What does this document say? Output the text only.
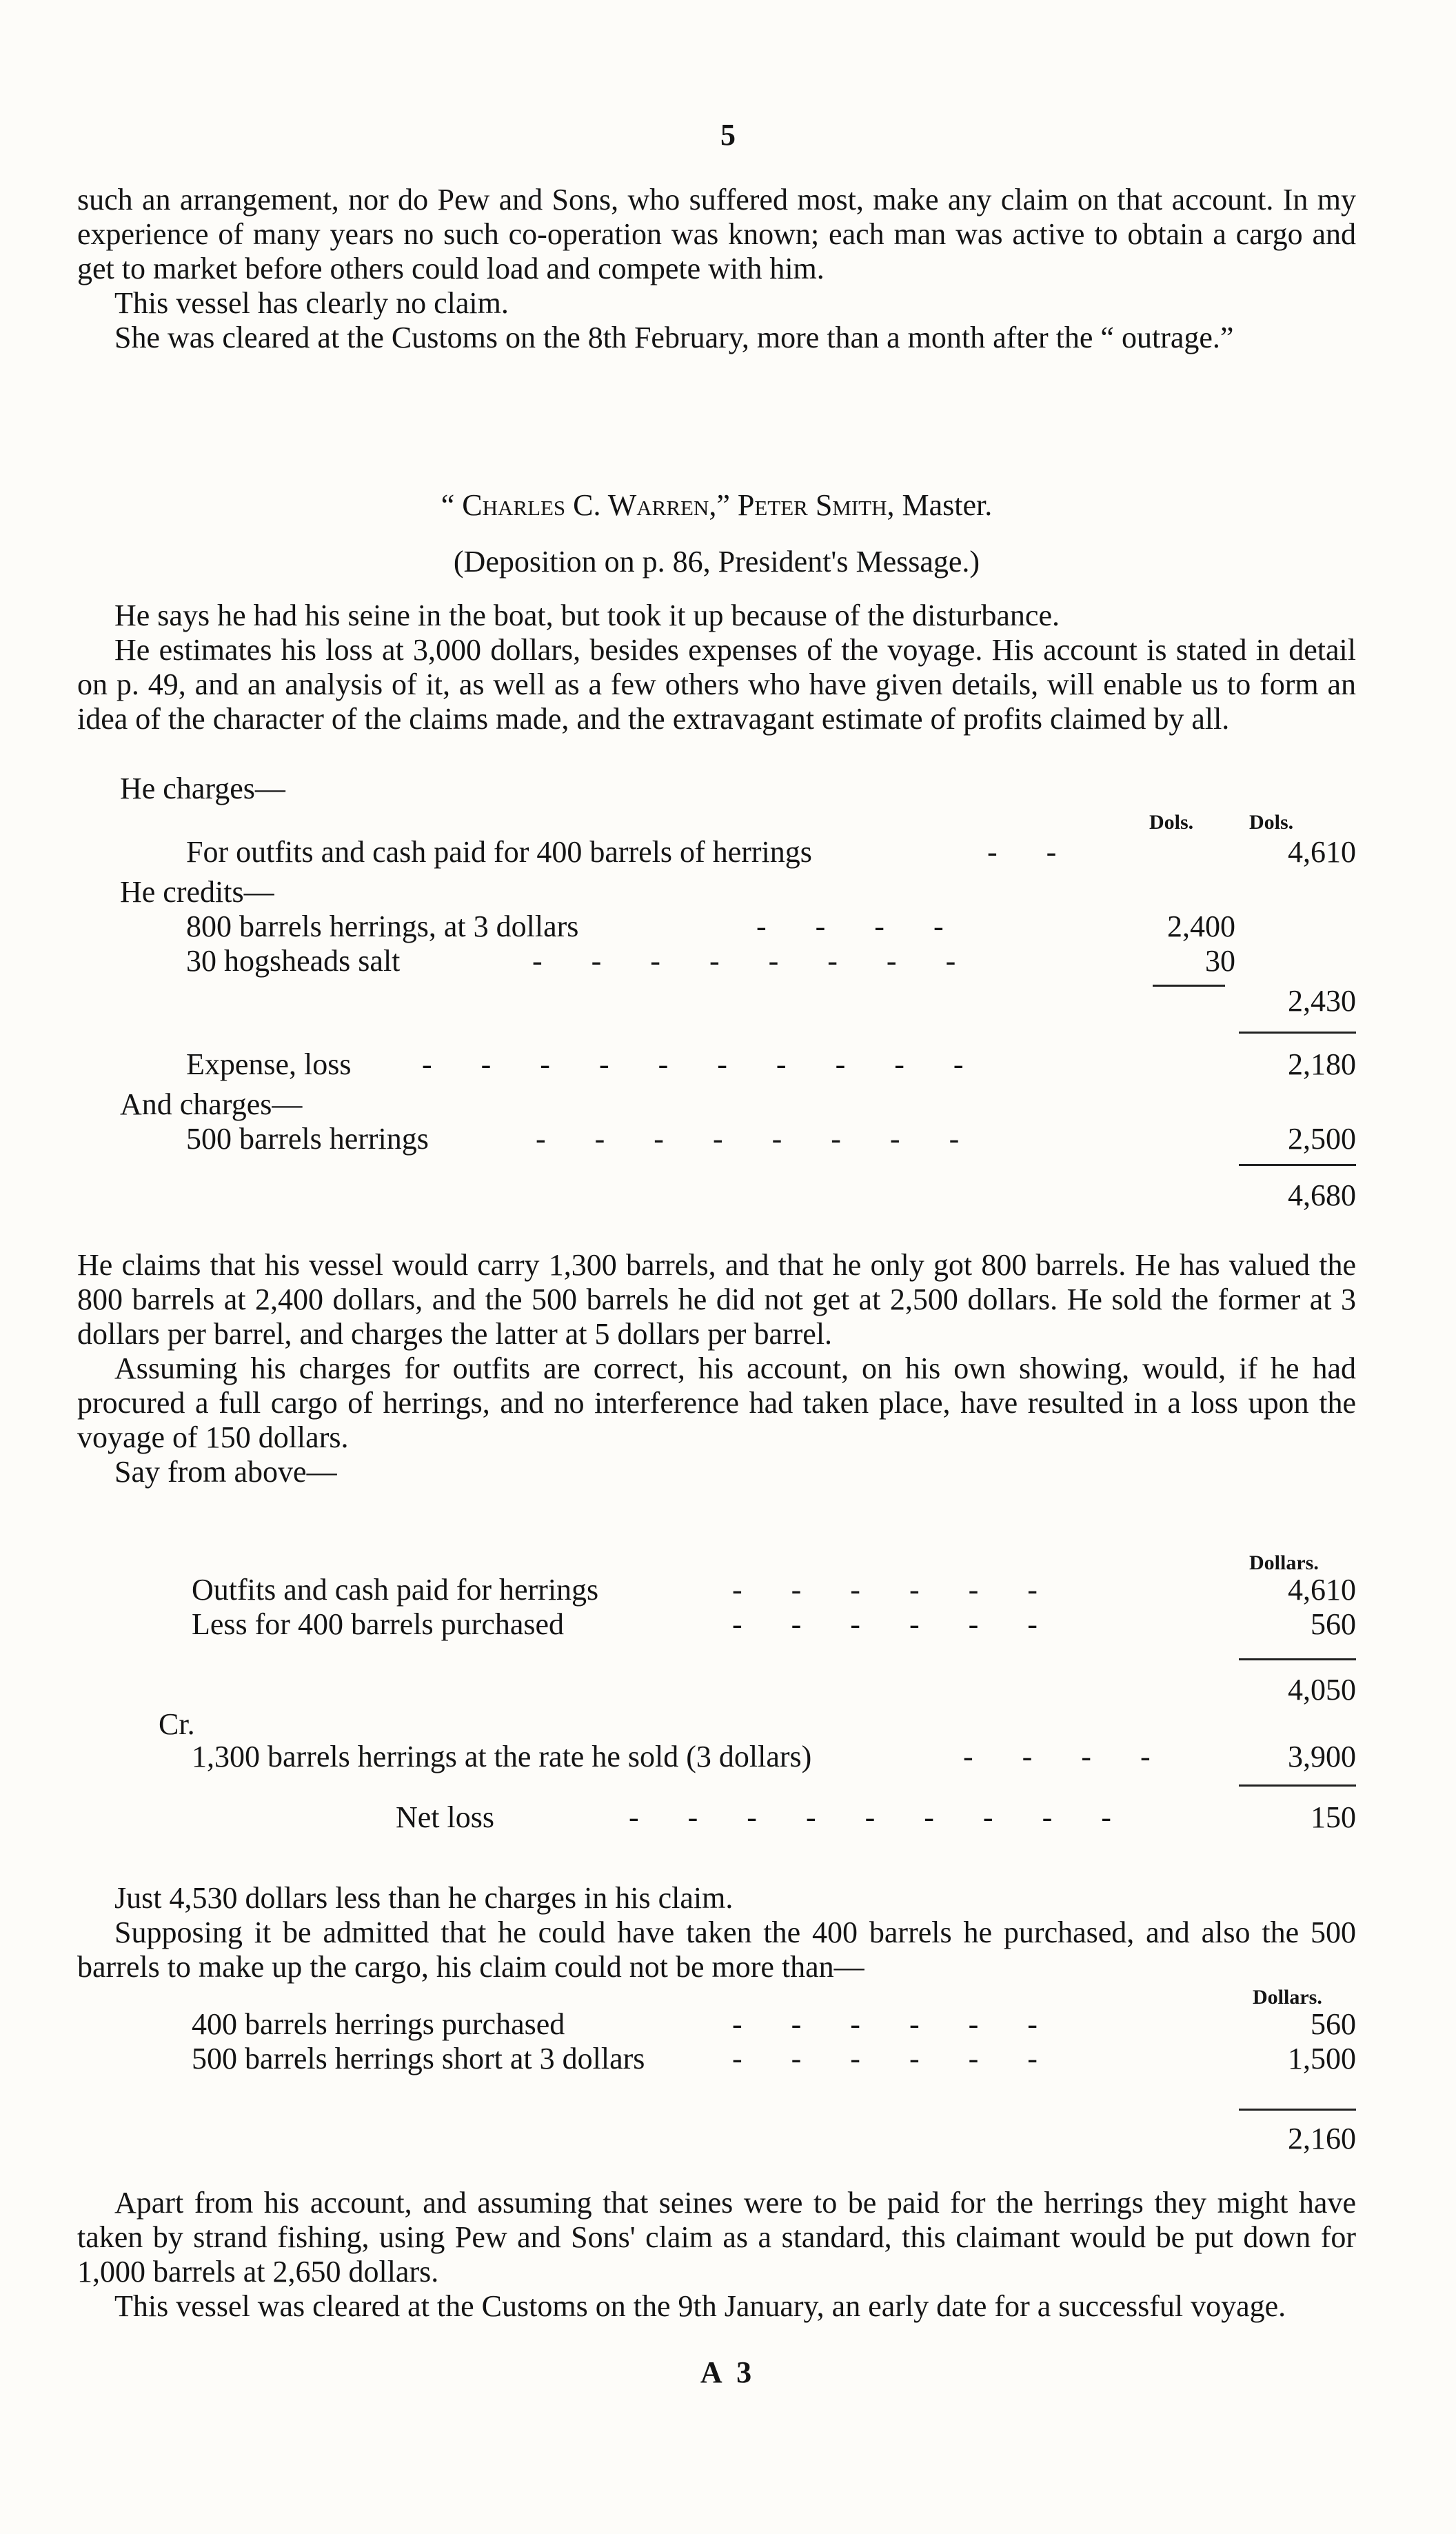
5

such an arrangement, nor do Pew and Sons, who suffered most, make any claim on that account. In my experience of many years no such co-operation was known; each man was active to obtain a cargo and get to market before others could load and compete with him.

This vessel has clearly no claim.

She was cleared at the Customs on the 8th February, more than a month after the “ outrage.”

“ Charles C. Warren,” Peter Smith, Master.
(Deposition on p. 86, President's Message.)

He says he had his seine in the boat, but took it up because of the disturbance.

He estimates his loss at 3,000 dollars, besides expenses of the voyage. His account is stated in detail on p. 49, and an analysis of it, as well as a few others who have given details, will enable us to form an idea of the character of the claims made, and the extravagant estimate of profits claimed by all.

He charges—
Dols.	Dols.
For outfits and cash paid for 400 barrels of herrings	- -	4,610
He credits—
800 barrels herrings, at 3 dollars	- - - -	2,400
30 hogsheads salt	- - - - - - - -	30
2,430
Expense, loss - - - - - - - - - -	2,180
And charges—
500 barrels herrings	- - - - - - - -	2,500
4,680

He claims that his vessel would carry 1,300 barrels, and that he only got 800 barrels. He has valued the 800 barrels at 2,400 dollars, and the 500 barrels he did not get at 2,500 dollars. He sold the former at 3 dollars per barrel, and charges the latter at 5 dollars per barrel.

Assuming his charges for outfits are correct, his account, on his own showing, would, if he had procured a full cargo of herrings, and no interference had taken place, have resulted in a loss upon the voyage of 150 dollars.

Say from above—

Dollars.
Outfits and cash paid for herrings	- - - - - -	4,610
Less for 400 barrels purchased	- - - - - -	560
4,050
Cr.
1,300 barrels herrings at the rate he sold (3 dollars)	- - - -	3,900
Net loss	- - - - - - - - -	150

Just 4,530 dollars less than he charges in his claim.

Supposing it be admitted that he could have taken the 400 barrels he purchased, and also the 500 barrels to make up the cargo, his claim could not be more than—

Dollars.
400 barrels herrings purchased	- - - - - -	560
500 barrels herrings short at 3 dollars	- - - - - -	1,500
2,160

Apart from his account, and assuming that seines were to be paid for the herrings they might have taken by strand fishing, using Pew and Sons' claim as a standard, this claimant would be put down for 1,000 barrels at 2,650 dollars.

This vessel was cleared at the Customs on the 9th January, an early date for a successful voyage.

A 3
